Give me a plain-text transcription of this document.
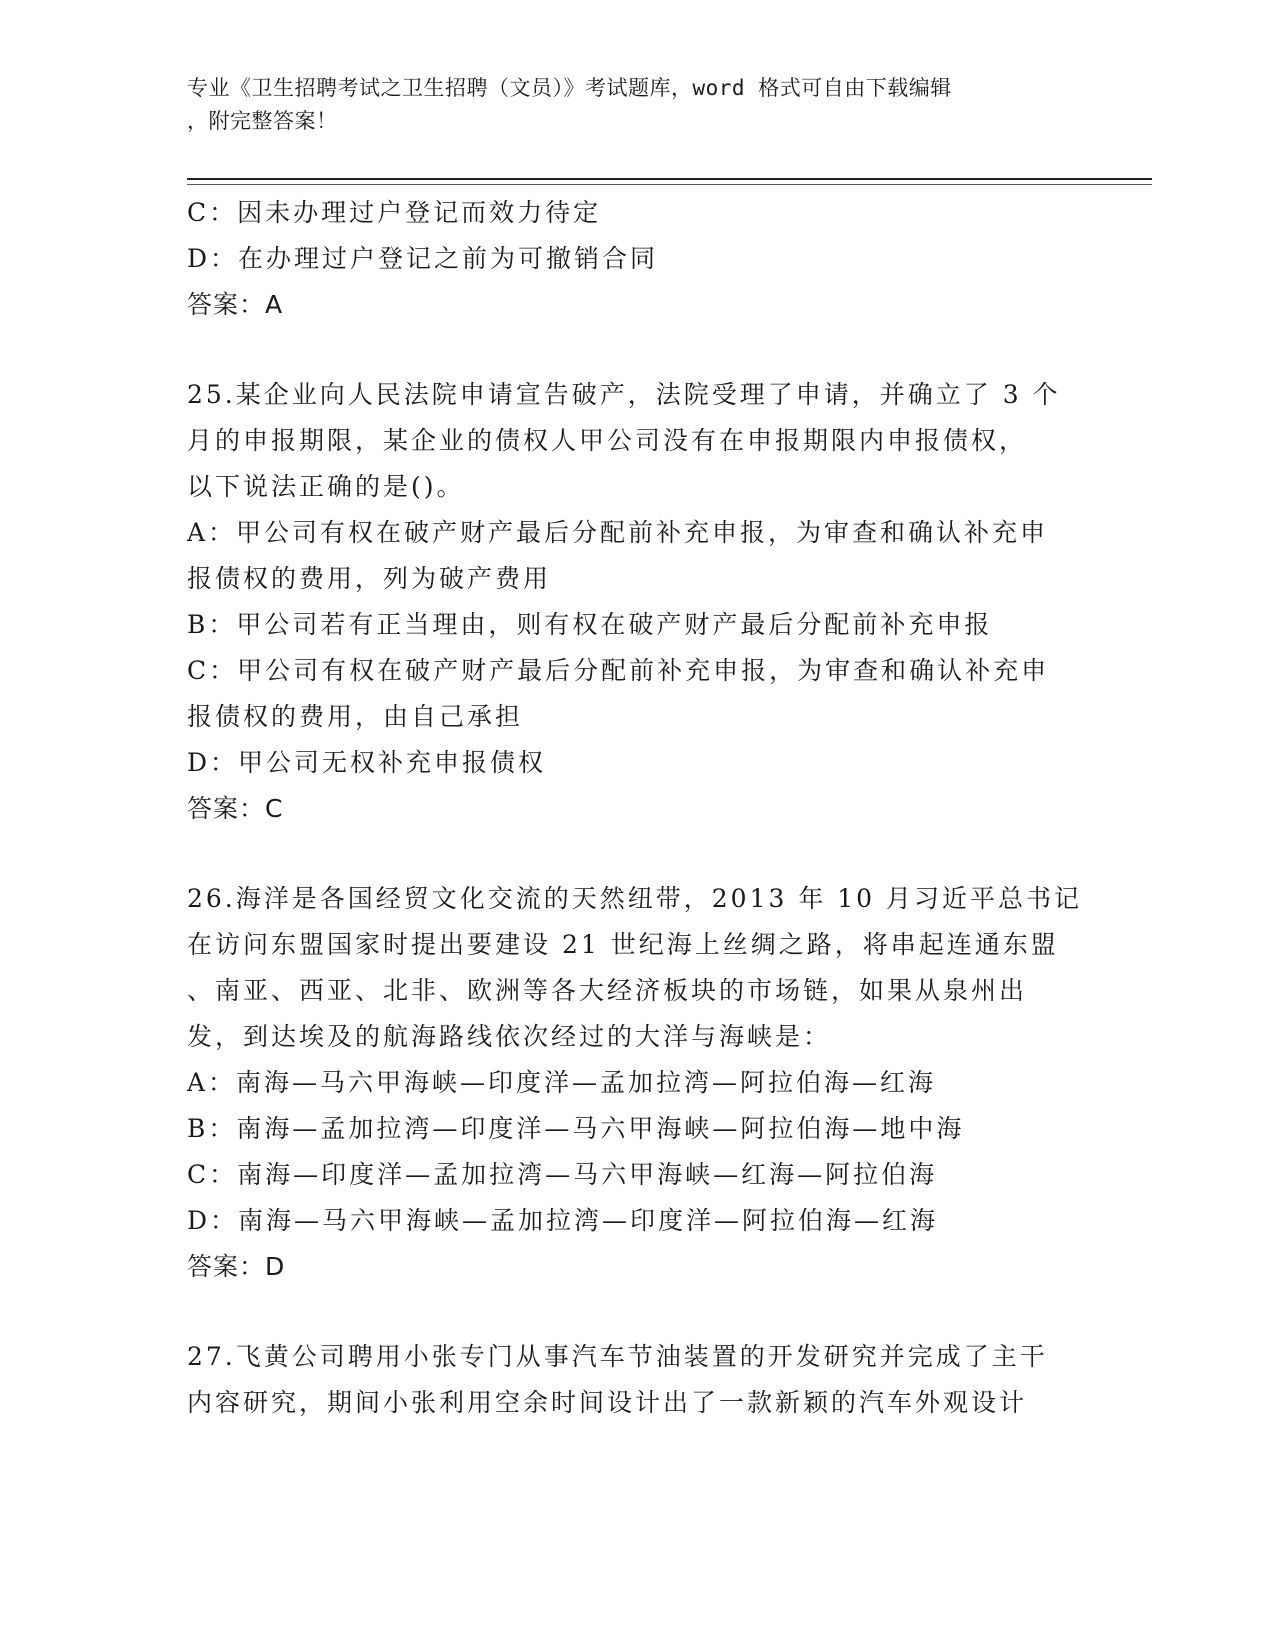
专业《卫生招聘考试之卫生招聘（文员）》考试题库，word 格式可自由下载编辑
，附完整答案！
C：因未办理过户登记而效力待定
D：在办理过户登记之前为可撤销合同
答案：A
25.某企业向人民法院申请宣告破产，法院受理了申请，并确立了 3 个
月的申报期限，某企业的债权人甲公司没有在申报期限内申报债权，
以下说法正确的是()。
A：甲公司有权在破产财产最后分配前补充申报，为审查和确认补充申
报债权的费用，列为破产费用
B：甲公司若有正当理由，则有权在破产财产最后分配前补充申报
C：甲公司有权在破产财产最后分配前补充申报，为审查和确认补充申
报债权的费用，由自己承担
D：甲公司无权补充申报债权
答案：C
26.海洋是各国经贸文化交流的天然纽带，2013 年 10 月习近平总书记
在访问东盟国家时提出要建设 21 世纪海上丝绸之路，将串起连通东盟
、南亚、西亚、北非、欧洲等各大经济板块的市场链，如果从泉州出
发，到达埃及的航海路线依次经过的大洋与海峡是：
A：南海—马六甲海峡—印度洋—孟加拉湾—阿拉伯海—红海
B：南海—孟加拉湾—印度洋—马六甲海峡—阿拉伯海—地中海
C：南海—印度洋—孟加拉湾—马六甲海峡—红海—阿拉伯海
D：南海—马六甲海峡—孟加拉湾—印度洋—阿拉伯海—红海
答案：D
27.飞黄公司聘用小张专门从事汽车节油装置的开发研究并完成了主干
内容研究，期间小张利用空余时间设计出了一款新颖的汽车外观设计
